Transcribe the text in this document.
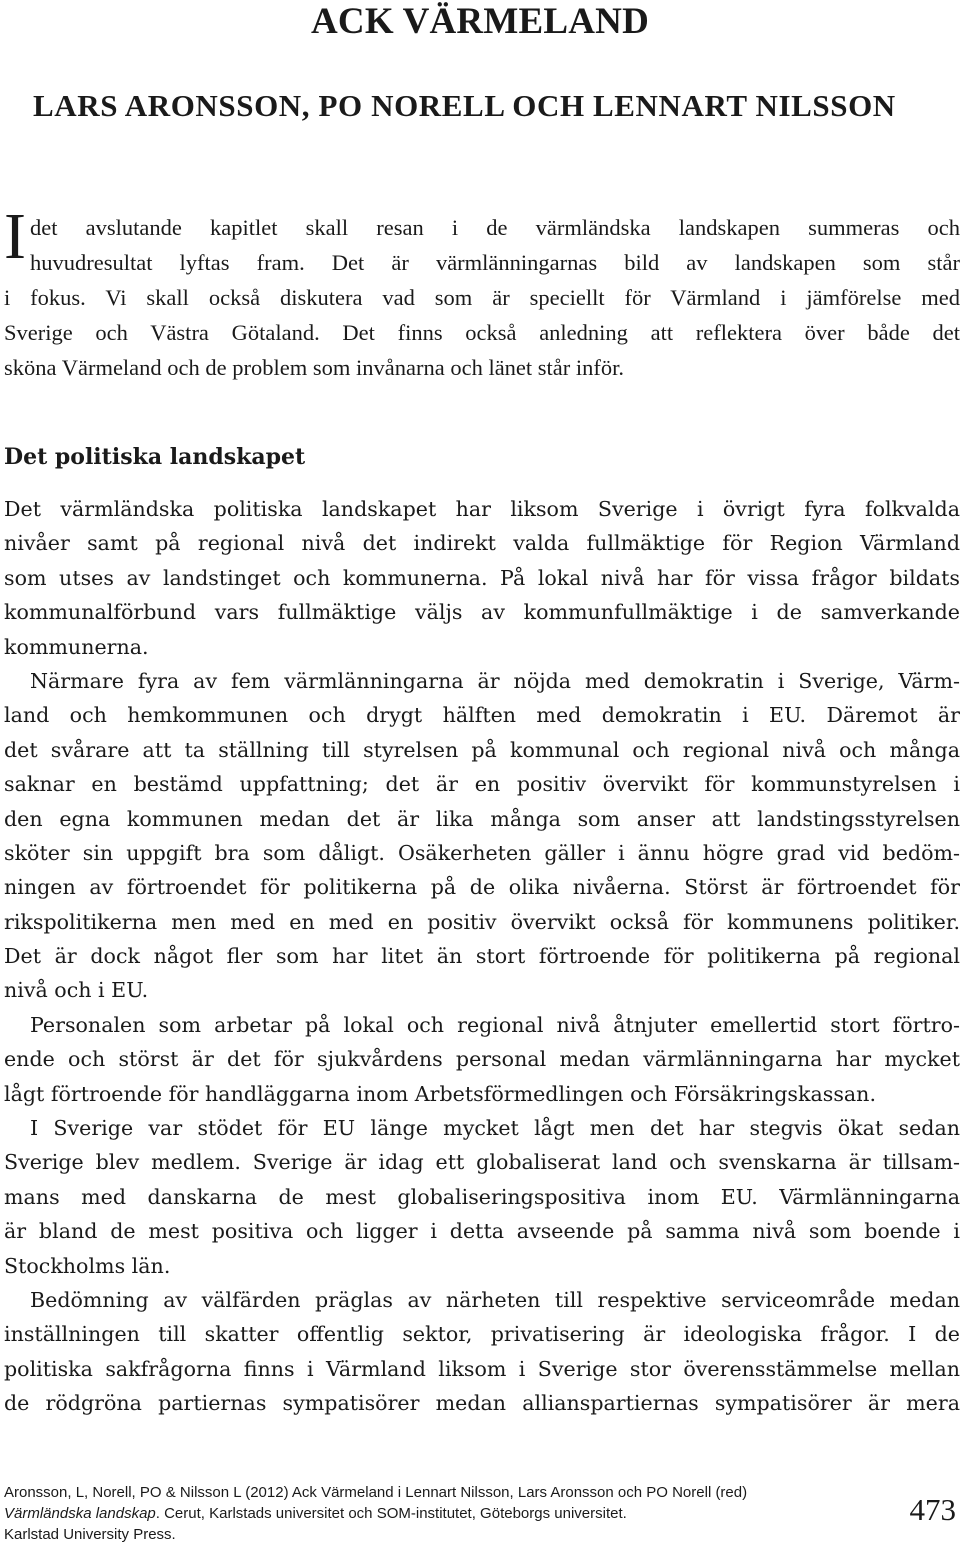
ACK VÄRMELAND
LARS ARONSSON, PO NORELL OCH LENNART NILSSON
I det avslutande kapitlet skall resan i de värmländska landskapen summeras och
huvudresultat lyftas fram. Det är värmlänningarnas bild av landskapen som står
i fokus. Vi skall också diskutera vad som är speciellt för Värmland i jämförelse med
Sverige och Västra Götaland. Det finns också anledning att reflektera över både det
sköna Värmeland och de problem som invånarna och länet står inför.
Det politiska landskapet
Det värmländska politiska landskapet har liksom Sverige i övrigt fyra folkvalda
nivåer samt på regional nivå det indirekt valda fullmäktige för Region Värmland
som utses av landstinget och kommunerna. På lokal nivå har för vissa frågor bildats
kommunalförbund vars fullmäktige väljs av kommunfullmäktige i de samverkande
kommunerna.
Närmare fyra av fem värmlänningarna är nöjda med demokratin i Sverige, Värm-
land och hemkommunen och drygt hälften med demokratin i EU. Däremot är
det svårare att ta ställning till styrelsen på kommunal och regional nivå och många
saknar en bestämd uppfattning; det är en positiv övervikt för kommunstyrelsen i
den egna kommunen medan det är lika många som anser att landstingsstyrelsen
sköter sin uppgift bra som dåligt. Osäkerheten gäller i ännu högre grad vid bedöm-
ningen av förtroendet för politikerna på de olika nivåerna. Störst är förtroendet för
rikspolitikerna men med en med en positiv övervikt också för kommunens politiker.
Det är dock något fler som har litet än stort förtroende för politikerna på regional
nivå och i EU.
Personalen som arbetar på lokal och regional nivå åtnjuter emellertid stort förtro-
ende och störst är det för sjukvårdens personal medan värmlänningarna har mycket
lågt förtroende för handläggarna inom Arbetsförmedlingen och Försäkringskassan.
I Sverige var stödet för EU länge mycket lågt men det har stegvis ökat sedan
Sverige blev medlem. Sverige är idag ett globaliserat land och svenskarna är tillsam-
mans med danskarna de mest globaliseringspositiva inom EU. Värmlänningarna
är bland de mest positiva och ligger i detta avseende på samma nivå som boende i
Stockholms län.
Bedömning av välfärden präglas av närheten till respektive serviceområde medan
inställningen till skatter offentlig sektor, privatisering är ideologiska frågor. I de
politiska sakfrågorna finns i Värmland liksom i Sverige stor överensstämmelse mellan
de rödgröna partiernas sympatisörer medan allianspartiernas sympatisörer är mera
Aronsson, L, Norell, PO & Nilsson L (2012) Ack Värmeland i Lennart Nilsson, Lars Aronsson och PO Norell (red)
Värmländska landskap. Cerut, Karlstads universitet och SOM-institutet, Göteborgs universitet.
Karlstad University Press.
473
